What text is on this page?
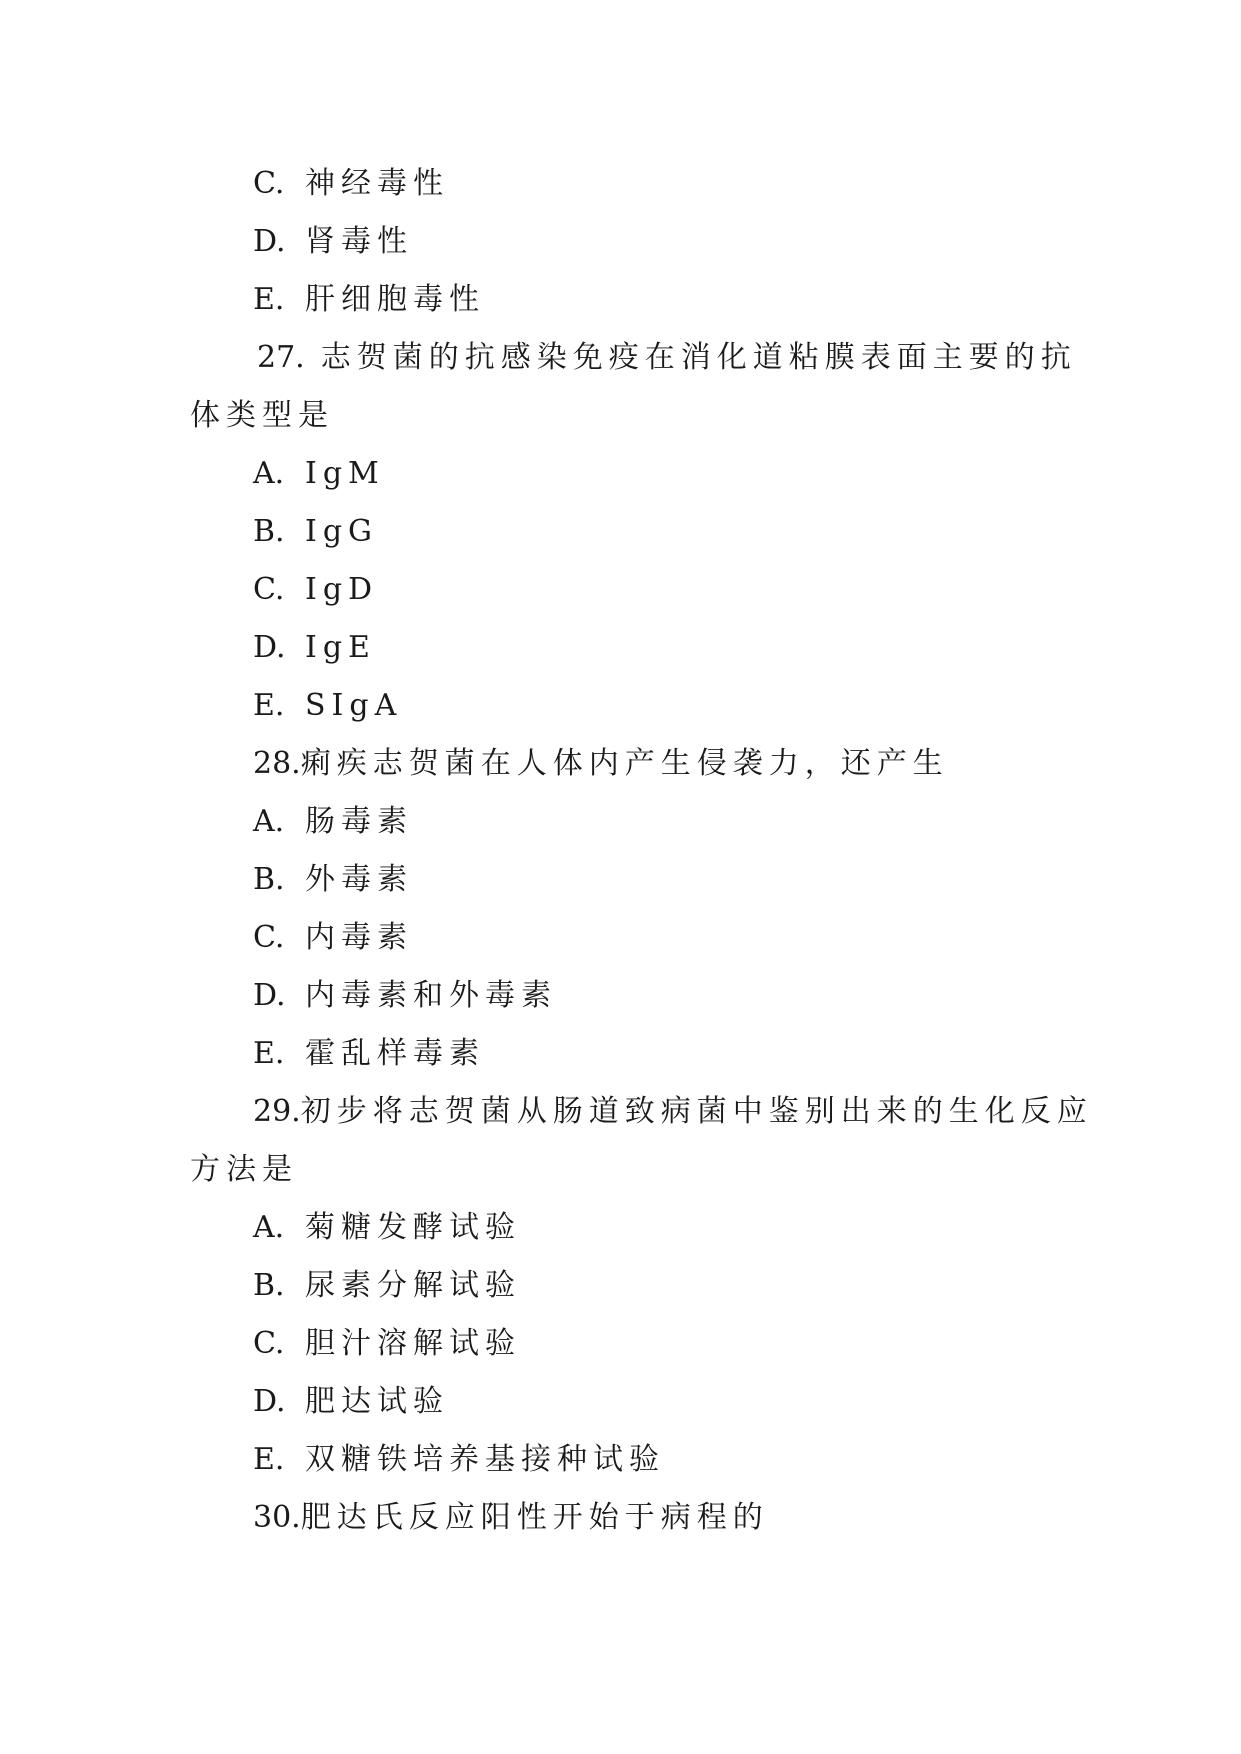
C. 神经毒性
D. 肾毒性
E. 肝细胞毒性
27. 志贺菌的抗感染免疫在消化道粘膜表面主要的抗
体类型是
A. IgM
B. IgG
C. IgD
D. IgE
E. SIgA
28.痢疾志贺菌在人体内产生侵袭力，还产生
A. 肠毒素
B. 外毒素
C. 内毒素
D. 内毒素和外毒素
E. 霍乱样毒素
29.初步将志贺菌从肠道致病菌中鉴别出来的生化反应
方法是
A. 菊糖发酵试验
B. 尿素分解试验
C. 胆汁溶解试验
D. 肥达试验
E. 双糖铁培养基接种试验
30.肥达氏反应阳性开始于病程的
